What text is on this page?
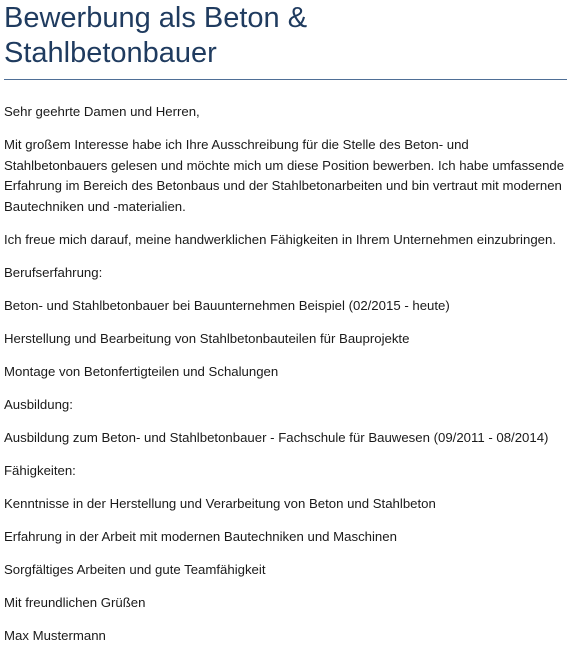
Bewerbung als Beton &
Stahlbetonbauer

Sehr geehrte Damen und Herren,

Mit großem Interesse habe ich Ihre Ausschreibung für die Stelle des Beton- und

Stahlbetonbauers gelesen und möchte mich um diese Position bewerben. Ich habe umfassende

Erfahrung im Bereich des Betonbaus und der Stahlbetonarbeiten und bin vertraut mit modernen

Bautechniken und -materialien.

Ich freue mich darauf, meine handwerklichen Fähigkeiten in Ihrem Unternehmen einzubringen.

Berufserfahrung:

Beton- und Stahlbetonbauer bei Bauunternehmen Beispiel (02/2015 - heute)

Herstellung und Bearbeitung von Stahlbetonbauteilen für Bauprojekte

Montage von Betonfertigteilen und Schalungen

Ausbildung:

Ausbildung zum Beton- und Stahlbetonbauer - Fachschule für Bauwesen (09/2011 - 08/2014)

Fähigkeiten:

Kenntnisse in der Herstellung und Verarbeitung von Beton und Stahlbeton

Erfahrung in der Arbeit mit modernen Bautechniken und Maschinen

Sorgfältiges Arbeiten und gute Teamfähigkeit

Mit freundlichen Grüßen

Max Mustermann
